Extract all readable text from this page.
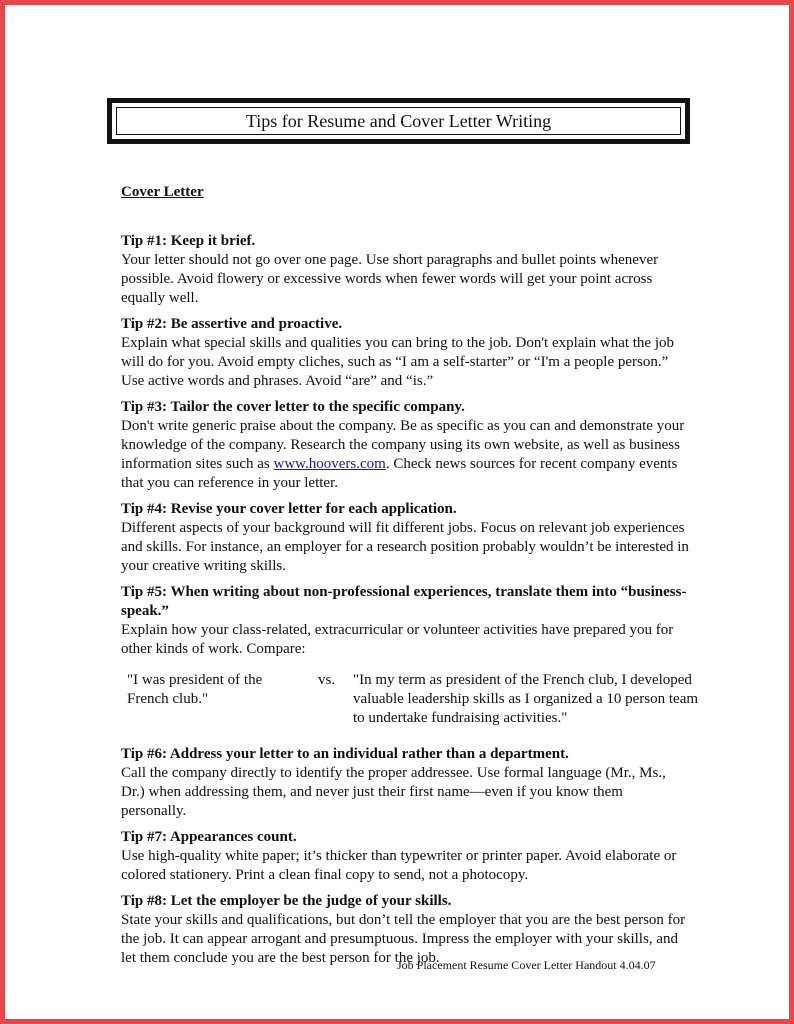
Tips for Resume and Cover Letter Writing
Cover Letter
Tip #1: Keep it brief.
Your letter should not go over one page. Use short paragraphs and bullet points whenever possible. Avoid flowery or excessive words when fewer words will get your point across equally well.
Tip #2: Be assertive and proactive.
Explain what special skills and qualities you can bring to the job. Don't explain what the job will do for you. Avoid empty cliches, such as “I am a self-starter” or “I'm a people person.” Use active words and phrases. Avoid “are” and “is.”
Tip #3: Tailor the cover letter to the specific company.
Don't write generic praise about the company. Be as specific as you can and demonstrate your knowledge of the company. Research the company using its own website, as well as business information sites such as www.hoovers.com. Check news sources for recent company events that you can reference in your letter.
Tip #4: Revise your cover letter for each application.
Different aspects of your background will fit different jobs. Focus on relevant job experiences and skills. For instance, an employer for a research position probably wouldn’t be interested in your creative writing skills.
Tip #5: When writing about non-professional experiences, translate them into “business- speak.”
Explain how your class-related, extracurricular or volunteer activities have prepared you for other kinds of work. Compare:
"I was president of the French club."
vs. "In my term as president of the French club, I developed valuable leadership skills as I organized a 10 person team to undertake fundraising activities."
Tip #6: Address your letter to an individual rather than a department.
Call the company directly to identify the proper addressee. Use formal language (Mr., Ms., Dr.) when addressing them, and never just their first name—even if you know them personally.
Tip #7: Appearances count.
Use high-quality white paper; it’s thicker than typewriter or printer paper. Avoid elaborate or colored stationery. Print a clean final copy to send, not a photocopy.
Tip #8: Let the employer be the judge of your skills.
State your skills and qualifications, but don’t tell the employer that you are the best person for the job. It can appear arrogant and presumptuous. Impress the employer with your skills, and let them conclude you are the best person for the job.
Job Placement Resume Cover Letter Handout 4.04.07
